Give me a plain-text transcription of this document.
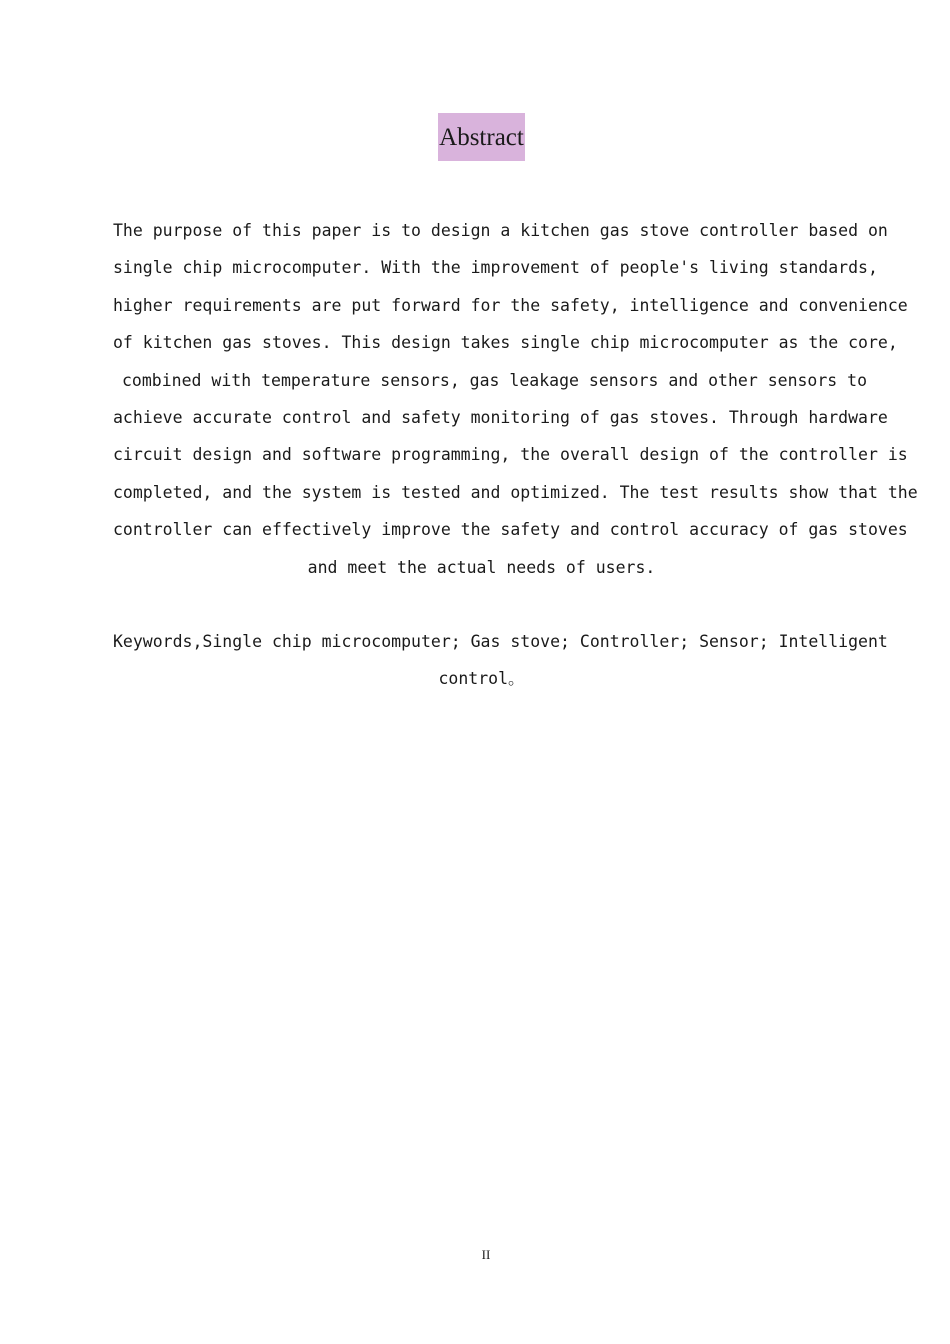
Abstract
The purpose of this paper is to design a kitchen gas stove controller based on
single chip microcomputer. With the improvement of people's living standards,
higher requirements are put forward for the safety, intelligence and convenience
of kitchen gas stoves. This design takes single chip microcomputer as the core,
combined with temperature sensors, gas leakage sensors and other sensors to
achieve accurate control and safety monitoring of gas stoves. Through hardware
circuit design and software programming, the overall design of the controller is
completed, and the system is tested and optimized. The test results show that the
controller can effectively improve the safety and control accuracy of gas stoves
and meet the actual needs of users.
Keywords,Single chip microcomputer; Gas stove; Controller; Sensor; Intelligent
control。
II
